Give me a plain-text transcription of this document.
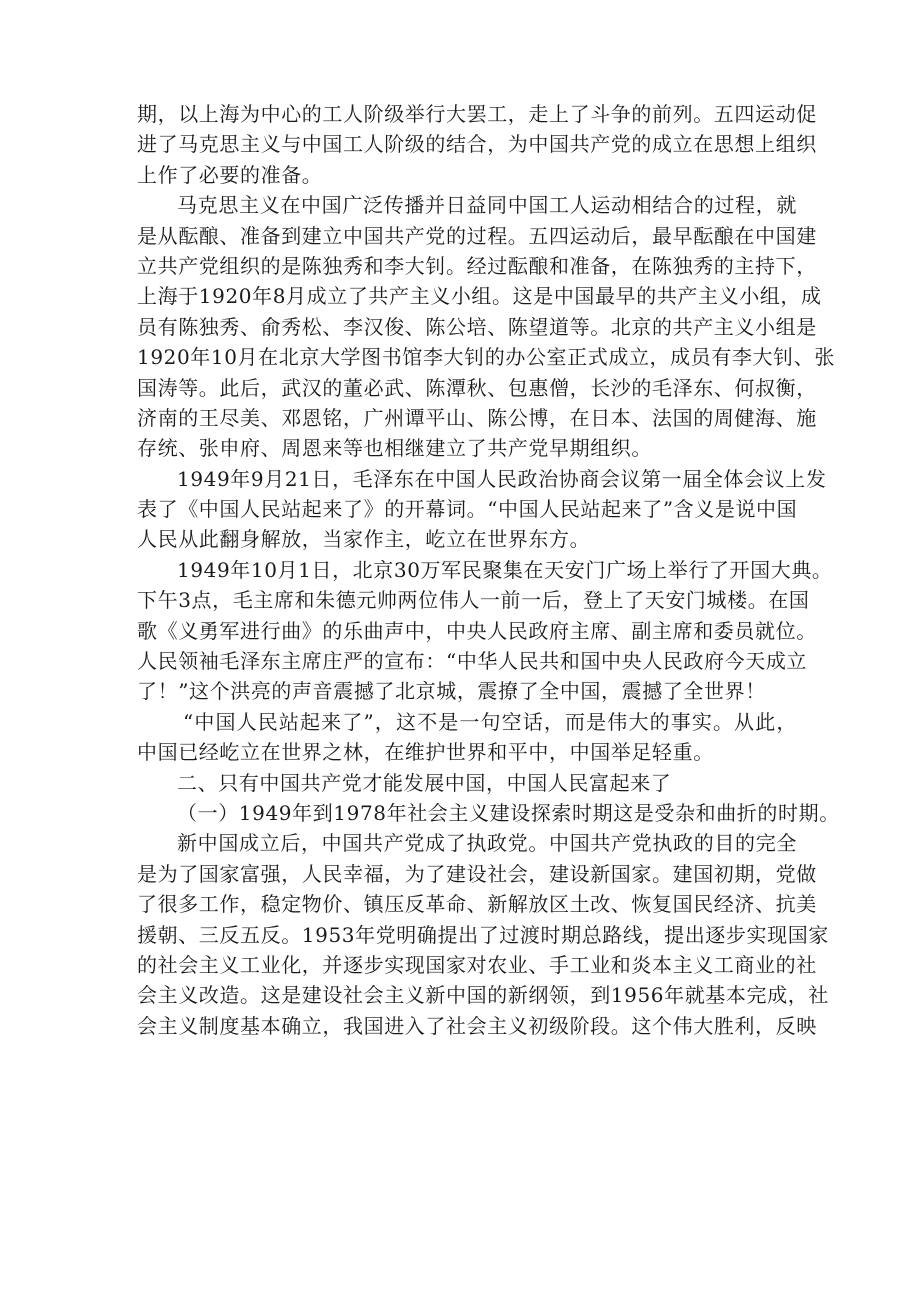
期，以上海为中心的工人阶级举行大罢工，走上了斗争的前列。五四运动促
进了马克思主义与中国工人阶级的结合，为中国共产党的成立在思想上组织
上作了必要的准备。
马克思主义在中国广泛传播并日益同中国工人运动相结合的过程，就
是从酝酿、准备到建立中国共产党的过程。五四运动后，最早酝酿在中国建
立共产党组织的是陈独秀和李大钊。经过酝酿和准备，在陈独秀的主持下，
上海于1920年8月成立了共产主义小组。这是中国最早的共产主义小组，成
员有陈独秀、俞秀松、李汉俊、陈公培、陈望道等。北京的共产主义小组是
1920年10月在北京大学图书馆李大钊的办公室正式成立，成员有李大钊、张
国涛等。此后，武汉的董必武、陈潭秋、包惠僧，长沙的毛泽东、何叔衡，
济南的王尽美、邓恩铭，广州谭平山、陈公博，在日本、法国的周健海、施
存统、张申府、周恩来等也相继建立了共产党早期组织。
1949年9月21日，毛泽东在中国人民政治协商会议第一届全体会议上发
表了《中国人民站起来了》的开幕词。“中国人民站起来了”含义是说中国
人民从此翻身解放，当家作主，屹立在世界东方。
1949年10月1日，北京30万军民聚集在天安门广场上举行了开国大典。
下午3点，毛主席和朱德元帅两位伟人一前一后，登上了天安门城楼。在国
歌《义勇军进行曲》的乐曲声中，中央人民政府主席、副主席和委员就位。
人民领袖毛泽东主席庄严的宣布：“中华人民共和国中央人民政府今天成立
了！”这个洪亮的声音震撼了北京城，震撩了全中国，震撼了全世界！
“中国人民站起来了”，这不是一句空话，而是伟大的事实。从此，
中国已经屹立在世界之林，在维护世界和平中，中国举足轻重。
二、只有中国共产党才能发展中国，中国人民富起来了
（一）1949年到1978年社会主义建设探索时期这是受杂和曲折的时期。
新中国成立后，中国共产党成了执政党。中国共产党执政的目的完全
是为了国家富强，人民幸福，为了建设社会，建设新国家。建国初期，党做
了很多工作，稳定物价、镇压反革命、新解放区土改、恢复国民经济、抗美
援朝、三反五反。1953年党明确提出了过渡时期总路线，提出逐步实现国家
的社会主义工业化，并逐步实现国家对农业、手工业和炎本主义工商业的社
会主义改造。这是建设社会主义新中国的新纲领，到1956年就基本完成，社
会主义制度基本确立，我国进入了社会主义初级阶段。这个伟大胜利，反映
